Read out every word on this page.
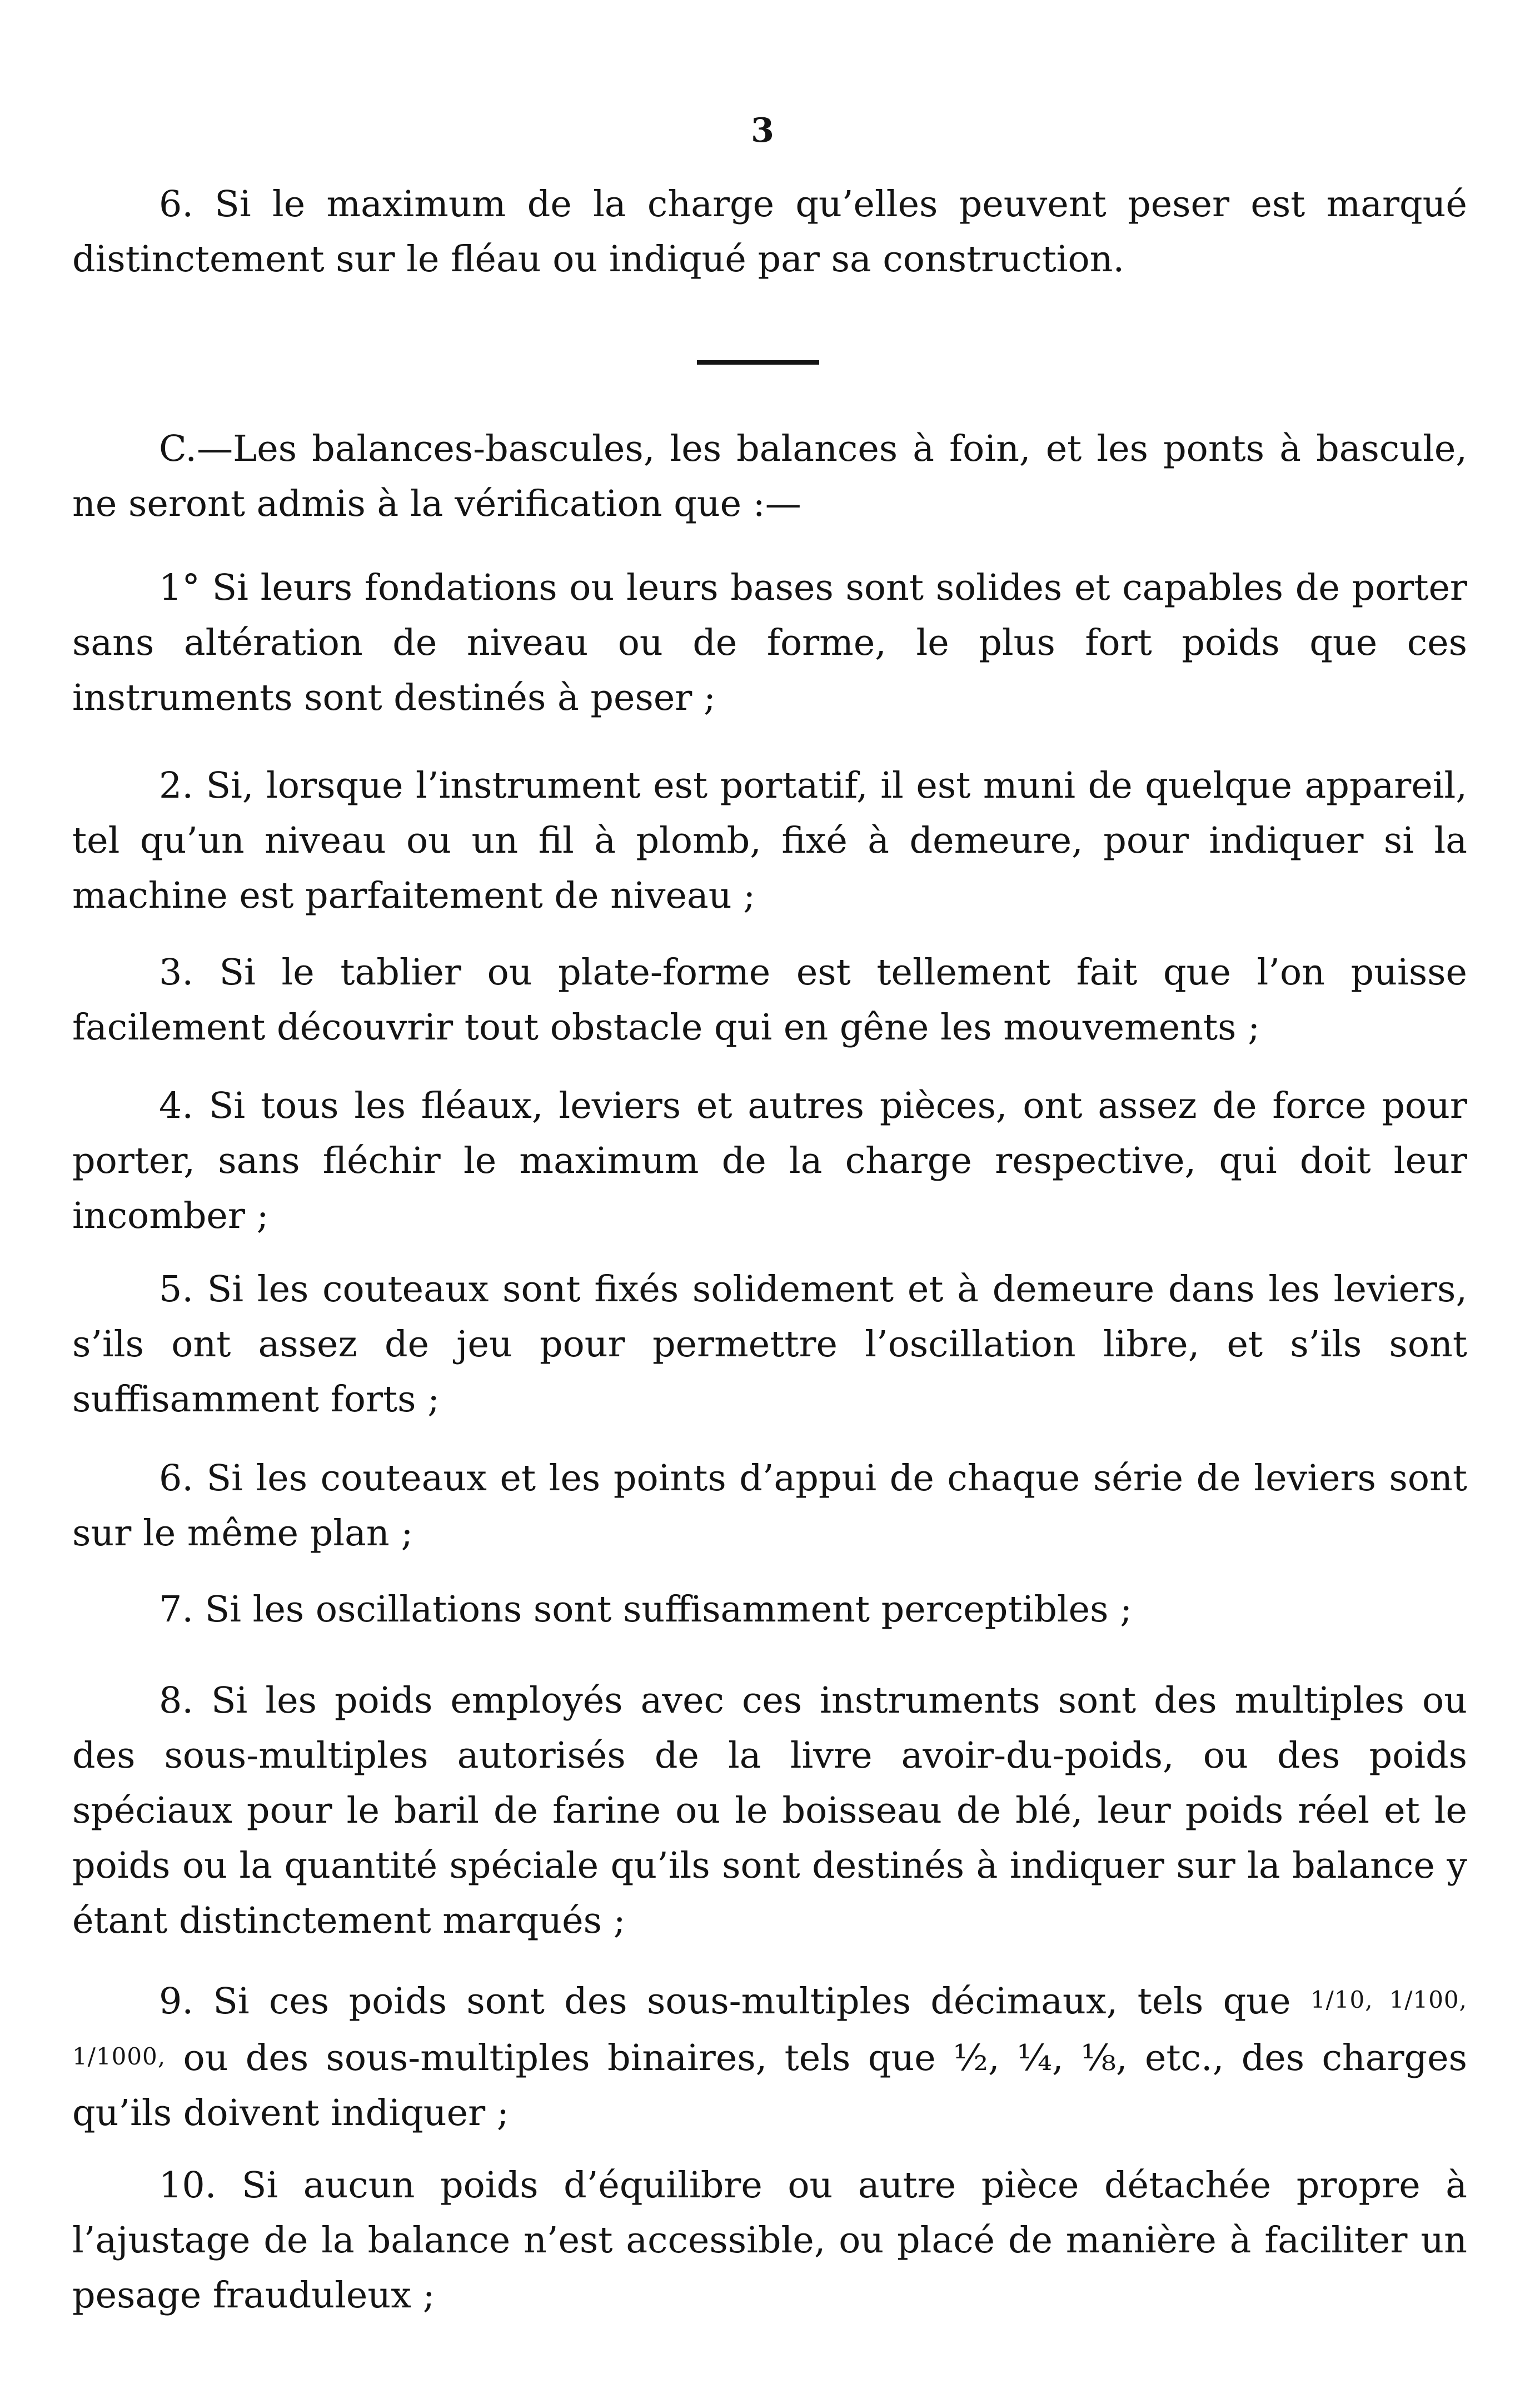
3

6. Si le maximum de la charge qu’elles peuvent peser est marqué distinctement sur le fléau ou indiqué par sa construction.

C.—Les balances-bascules, les balances à foin, et les ponts à bascule, ne seront admis à la vérification que :—

1° Si leurs fondations ou leurs bases sont solides et capables de porter sans altération de niveau ou de forme, le plus fort poids que ces instruments sont destinés à peser ;

2. Si, lorsque l’instrument est portatif, il est muni de quelque appareil, tel qu’un niveau ou un fil à plomb, fixé à demeure, pour indiquer si la machine est parfaitement de niveau ;

3. Si le tablier ou plate-forme est tellement fait que l’on puisse facilement découvrir tout obstacle qui en gêne les mouvements ;

4. Si tous les fléaux, leviers et autres pièces, ont assez de force pour porter, sans fléchir le maximum de la charge respective, qui doit leur incomber ;

5. Si les couteaux sont fixés solidement et à demeure dans les leviers, s’ils ont assez de jeu pour permettre l’oscillation libre, et s’ils sont suffisamment forts ;

6. Si les couteaux et les points d’appui de chaque série de leviers sont sur le même plan ;

7. Si les oscillations sont suffisamment perceptibles ;

8. Si les poids employés avec ces instruments sont des multiples ou des sous-multiples autorisés de la livre avoir-du-poids, ou des poids spéciaux pour le baril de farine ou le boisseau de blé, leur poids réel et le poids ou la quantité spéciale qu’ils sont destinés à indiquer sur la balance y étant distinctement marqués ;

9. Si ces poids sont des sous-multiples décimaux, tels que 1/10, 1/100, 1/1000, ou des sous-multiples binaires, tels que ½, ¼, ⅛, etc., des charges qu’ils doivent indiquer ;

10. Si aucun poids d’équilibre ou autre pièce détachée propre à l’ajustage de la balance n’est accessible, ou placé de manière à faciliter un pesage frauduleux ;
